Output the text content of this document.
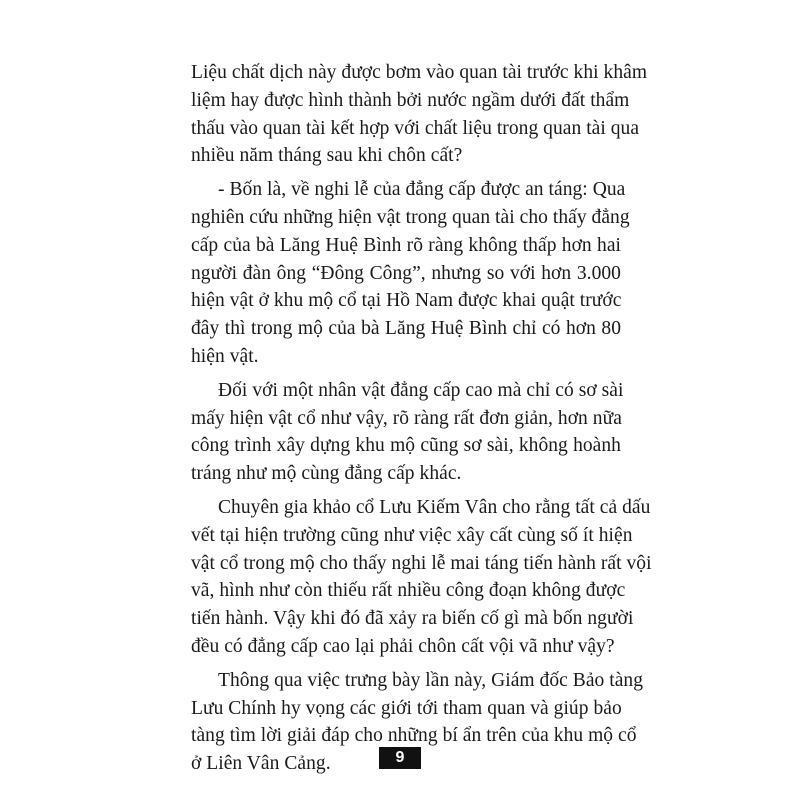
Liệu chất dịch này được bơm vào quan tài trước khi khâm
liệm hay được hình thành bởi nước ngầm dưới đất thẩm
thấu vào quan tài kết hợp với chất liệu trong quan tài qua
nhiều năm tháng sau khi chôn cất?

- Bốn là, về nghi lễ của đẳng cấp được an táng: Qua
nghiên cứu những hiện vật trong quan tài cho thấy đẳng
cấp của bà Lăng Huệ Bình rõ ràng không thấp hơn hai
người đàn ông “Đông Công”, nhưng so với hơn 3.000
hiện vật ở khu mộ cổ tại Hồ Nam được khai quật trước
đây thì trong mộ của bà Lăng Huệ Bình chỉ có hơn 80
hiện vật.

Đối với một nhân vật đẳng cấp cao mà chỉ có sơ sài
mấy hiện vật cổ như vậy, rõ ràng rất đơn giản, hơn nữa
công trình xây dựng khu mộ cũng sơ sài, không hoành
tráng như mộ cùng đẳng cấp khác.

Chuyên gia khảo cổ Lưu Kiếm Vân cho rằng tất cả dấu
vết tại hiện trường cũng như việc xây cất cùng số ít hiện
vật cổ trong mộ cho thấy nghi lễ mai táng tiến hành rất vội
vã, hình như còn thiếu rất nhiều công đoạn không được
tiến hành. Vậy khi đó đã xảy ra biến cố gì mà bốn người
đều có đẳng cấp cao lại phải chôn cất vội vã như vậy?

Thông qua việc trưng bày lần này, Giám đốc Bảo tàng
Lưu Chính hy vọng các giới tới tham quan và giúp bảo
tàng tìm lời giải đáp cho những bí ẩn trên của khu mộ cổ
ở Liên Vân Cảng.	9
